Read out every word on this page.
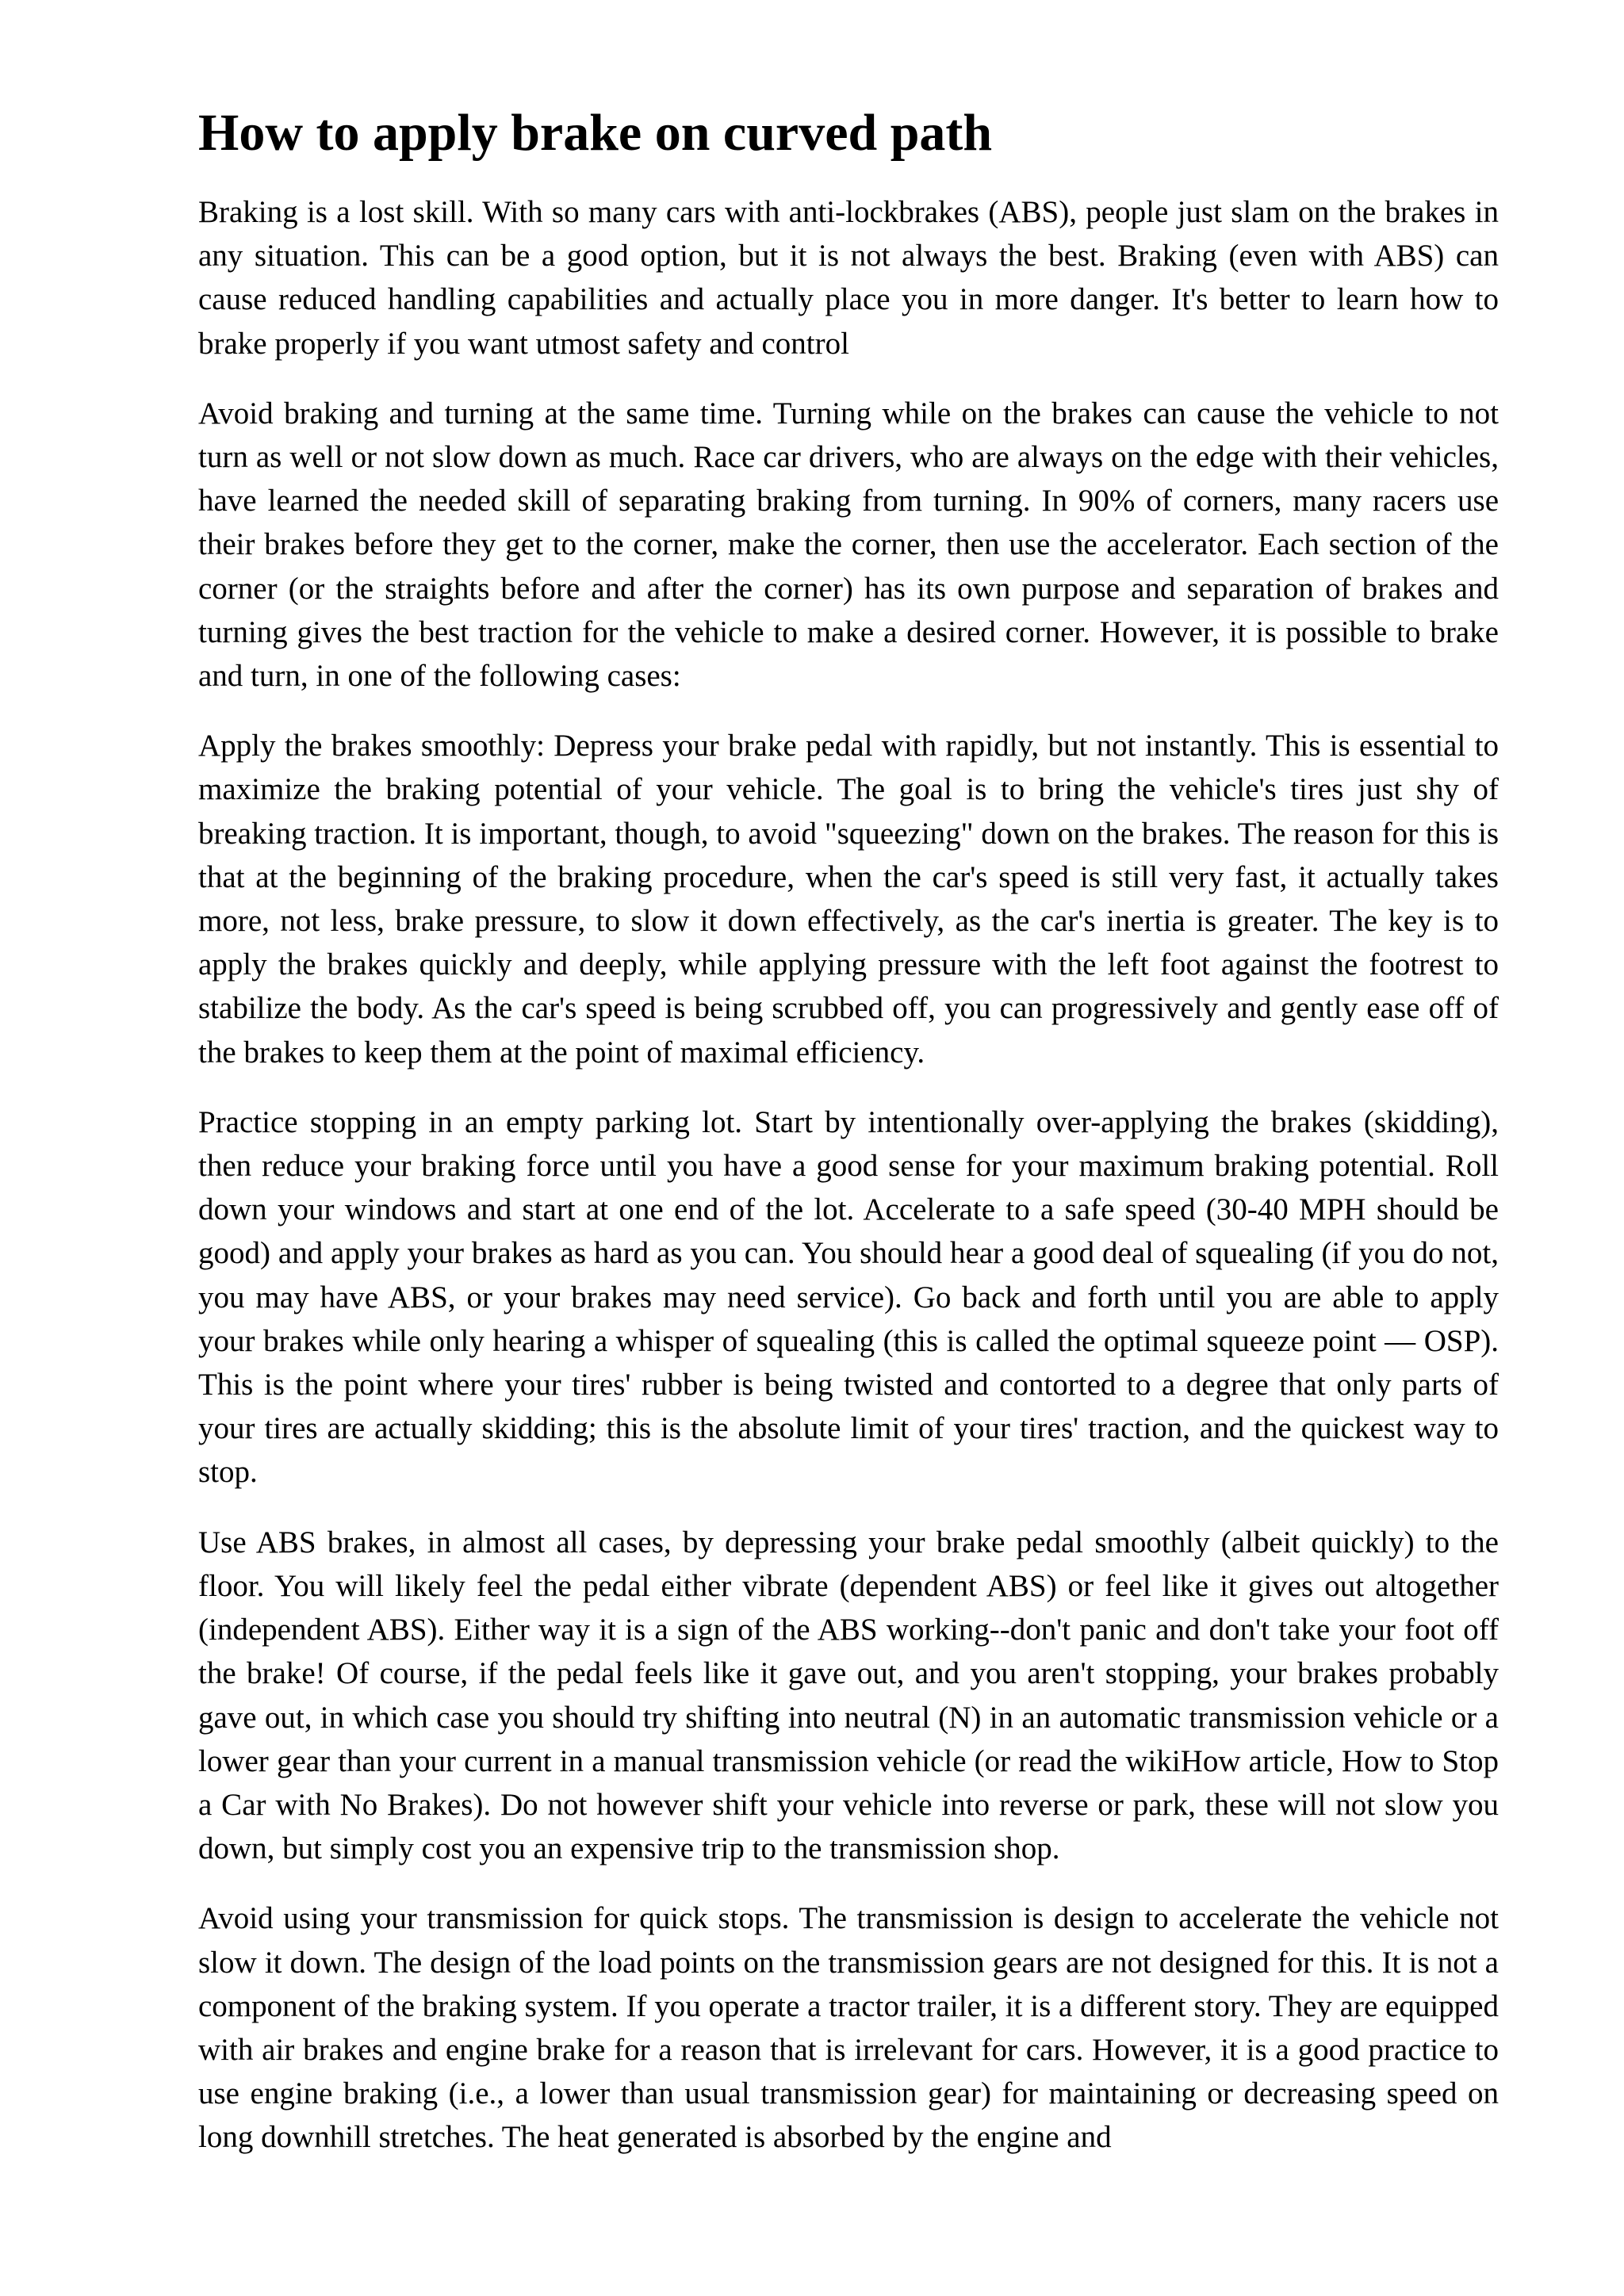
How to apply brake on curved path

Braking is a lost skill. With so many cars with anti-lockbrakes (ABS), people just slam on the brakes in any situation. This can be a good option, but it is not always the best. Braking (even with ABS) can cause reduced handling capabilities and actually place you in more danger. It's better to learn how to brake properly if you want utmost safety and control

Avoid braking and turning at the same time. Turning while on the brakes can cause the vehicle to not turn as well or not slow down as much. Race car drivers, who are always on the edge with their vehicles, have learned the needed skill of separating braking from turning. In 90% of corners, many racers use their brakes before they get to the corner, make the corner, then use the accelerator. Each section of the corner (or the straights before and after the corner) has its own purpose and separation of brakes and turning gives the best traction for the vehicle to make a desired corner. However, it is possible to brake and turn, in one of the following cases:

Apply the brakes smoothly: Depress your brake pedal with rapidly, but not instantly. This is essential to maximize the braking potential of your vehicle. The goal is to bring the vehicle's tires just shy of breaking traction. It is important, though, to avoid "squeezing" down on the brakes. The reason for this is that at the beginning of the braking procedure, when the car's speed is still very fast, it actually takes more, not less, brake pressure, to slow it down effectively, as the car's inertia is greater. The key is to apply the brakes quickly and deeply, while applying pressure with the left foot against the footrest to stabilize the body. As the car's speed is being scrubbed off, you can progressively and gently ease off of the brakes to keep them at the point of maximal efficiency.

Practice stopping in an empty parking lot. Start by intentionally over-applying the brakes (skidding), then reduce your braking force until you have a good sense for your maximum braking potential. Roll down your windows and start at one end of the lot. Accelerate to a safe speed (30-40 MPH should be good) and apply your brakes as hard as you can. You should hear a good deal of squealing (if you do not, you may have ABS, or your brakes may need service). Go back and forth until you are able to apply your brakes while only hearing a whisper of squealing (this is called the optimal squeeze point — OSP). This is the point where your tires' rubber is being twisted and contorted to a degree that only parts of your tires are actually skidding; this is the absolute limit of your tires' traction, and the quickest way to stop.

Use ABS brakes, in almost all cases, by depressing your brake pedal smoothly (albeit quickly) to the floor. You will likely feel the pedal either vibrate (dependent ABS) or feel like it gives out altogether (independent ABS). Either way it is a sign of the ABS working--don't panic and don't take your foot off the brake! Of course, if the pedal feels like it gave out, and you aren't stopping, your brakes probably gave out, in which case you should try shifting into neutral (N) in an automatic transmission vehicle or a lower gear than your current in a manual transmission vehicle (or read the wikiHow article, How to Stop a Car with No Brakes). Do not however shift your vehicle into reverse or park, these will not slow you down, but simply cost you an expensive trip to the transmission shop.

Avoid using your transmission for quick stops. The transmission is design to accelerate the vehicle not slow it down. The design of the load points on the transmission gears are not designed for this. It is not a component of the braking system. If you operate a tractor trailer, it is a different story. They are equipped with air brakes and engine brake for a reason that is irrelevant for cars. However, it is a good practice to use engine braking (i.e., a lower than usual transmission gear) for maintaining or decreasing speed on long downhill stretches. The heat generated is absorbed by the engine and
